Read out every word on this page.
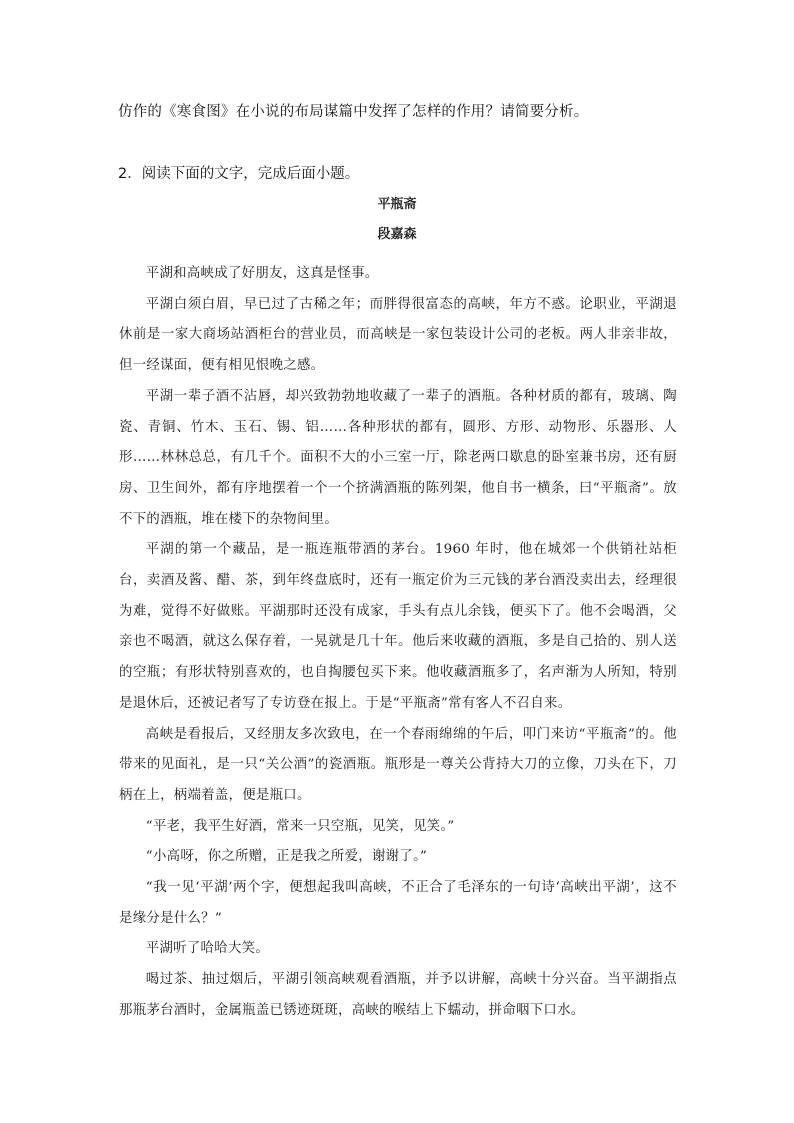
仿作的《寒食图》在小说的布局谋篇中发挥了怎样的作用？请简要分析。
2．阅读下面的文字，完成后面小题。
平瓶斋
段嘉森

平湖和高峡成了好朋友，这真是怪事。

平湖白须白眉，早已过了古稀之年；而胖得很富态的高峡，年方不惑。论职业，平湖退休前是一家大商场站酒柜台的营业员，而高峡是一家包装设计公司的老板。两人非亲非故，但一经谋面，便有相见恨晚之感。

平湖一辈子酒不沾唇，却兴致勃勃地收藏了一辈子的酒瓶。各种材质的都有，玻璃、陶瓷、青铜、竹木、玉石、锡、铝……各种形状的都有，圆形、方形、动物形、乐器形、人形……林林总总，有几千个。面积不大的小三室一厅，除老两口歇息的卧室兼书房，还有厨房、卫生间外，都有序地摆着一个一个挤满酒瓶的陈列架，他自书一横条，曰“平瓶斋”。放不下的酒瓶，堆在楼下的杂物间里。

平湖的第一个藏品，是一瓶连瓶带酒的茅台。1960 年时，他在城郊一个供销社站柜台，卖酒及酱、醋、茶，到年终盘底时，还有一瓶定价为三元钱的茅台酒没卖出去，经理很为难，觉得不好做账。平湖那时还没有成家，手头有点儿余钱，便买下了。他不会喝酒，父亲也不喝酒，就这么保存着，一晃就是几十年。他后来收藏的酒瓶，多是自己拾的、别人送的空瓶；有形状特别喜欢的，也自掏腰包买下来。他收藏酒瓶多了，名声渐为人所知，特别是退休后，还被记者写了专访登在报上。于是“平瓶斋”常有客人不召自来。

高峡是看报后，又经朋友多次致电，在一个春雨绵绵的午后，叩门来访“平瓶斋”的。他带来的见面礼，是一只“关公酒”的瓷酒瓶。瓶形是一尊关公背持大刀的立像，刀头在下，刀柄在上，柄端着盖，便是瓶口。

“平老，我平生好酒，常来一只空瓶，见笑，见笑。”

“小高呀，你之所赠，正是我之所爱，谢谢了。”

“我一见‘平湖’两个字，便想起我叫高峡，不正合了毛泽东的一句诗‘高峡出平湖’，这不是缘分是什么？”

平湖听了哈哈大笑。

喝过茶、抽过烟后，平湖引领高峡观看酒瓶，并予以讲解，高峡十分兴奋。当平湖指点那瓶茅台酒时，金属瓶盖已锈迹斑斑，高峡的喉结上下蠕动，拼命咽下口水。
